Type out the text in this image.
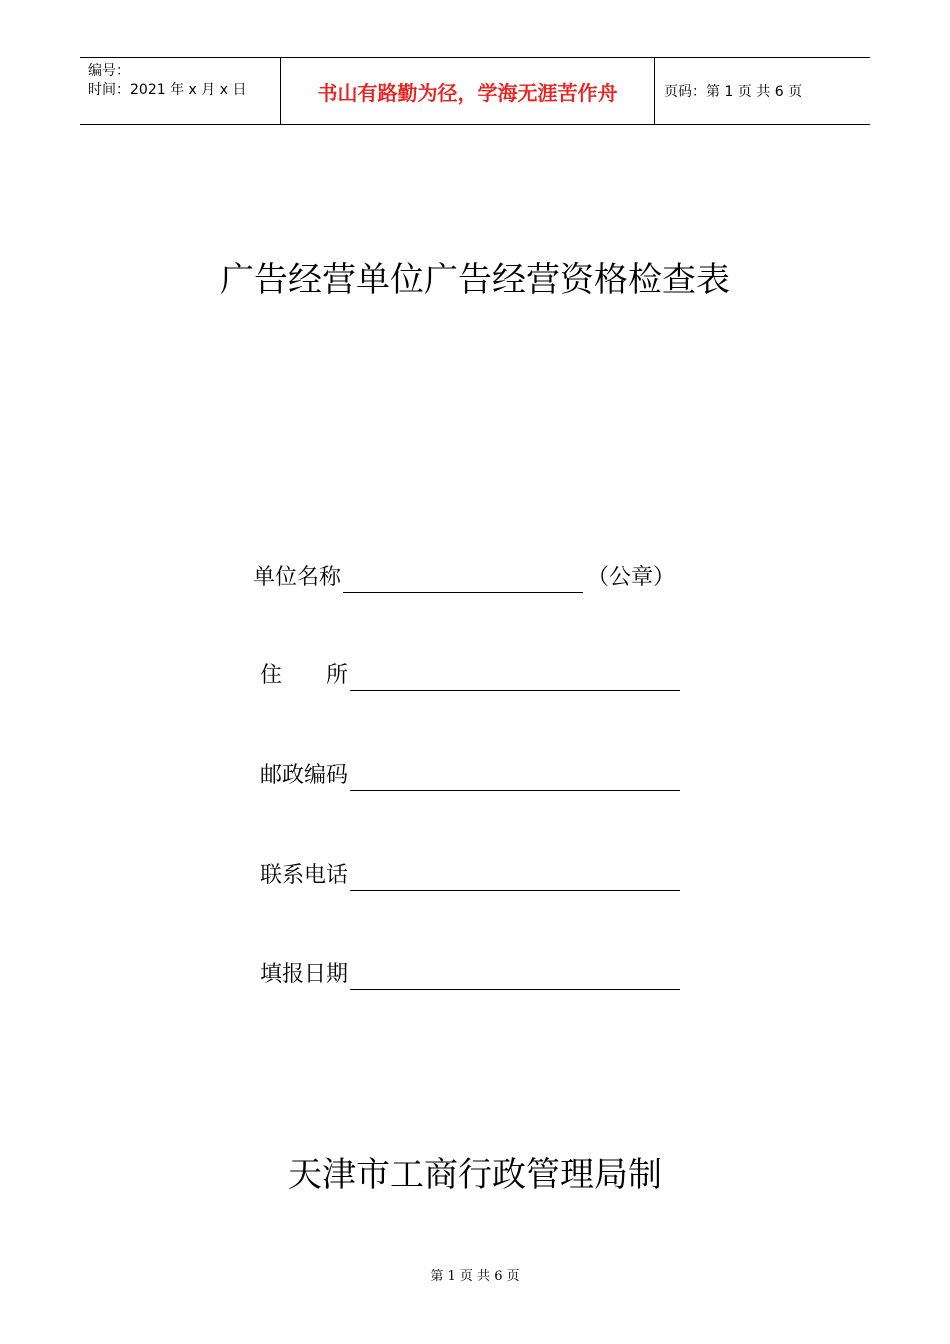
编号：
时间：2021 年 x 月 x 日	书山有路勤为径，学海无涯苦作舟	页码：第 1 页 共 6 页
广告经营单位广告经营资格检查表
单位名称	（公章）
住　　所
邮政编码
联系电话
填报日期
天津市工商行政管理局制
第 1 页 共 6 页
